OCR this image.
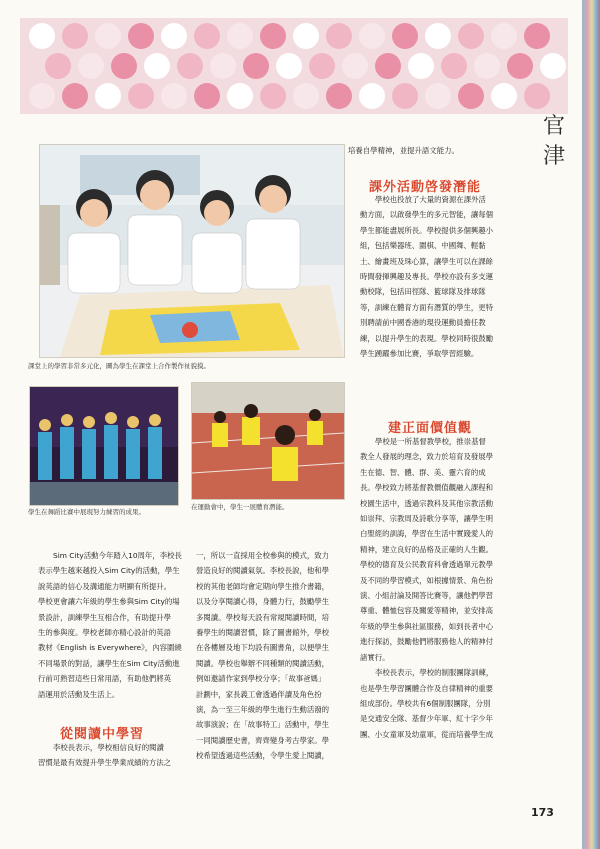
官津
課堂上的學習非常多元化，圖為學生在課堂上合作製作祉貌摸。
學生在舞蹈比賽中展現努力練習的成果。
在運動會中，學生一展體育潛能。
培養自學精神，並提升語文能力。
課外活動啓發潛能
學校也投放了大量的資源在課外活
動方面，以啟發學生的多元智能，讓每個
學生都能盡展所長。學校提供多個興趣小
組，包括樂器班、圍棋、中國舞、輕黏
土、繪畫班及珠心算，讓學生可以在課餘
時間發揮興趣及專長。學校亦設有多支運
動校隊，包括田徑隊、籃球隊及排球隊
等，訓練在體育方面有潛質的學生，更特
別聘請前中國香港的現役運動員擔任教
練，以提升學生的表現。學校同時很鼓勵
學生踴躍參加比賽，爭取學習經驗。
建正面價值觀
學校是一所基督教學校，推崇基督
教全人發展的理念，致力於培育及發展學
生在德、智、體、群、美、靈六育的成
長。學校致力將基督教價值觀融入課程和
校園生活中，透過宗教科及其他宗教活動
如崇拜、宗教周及詩歌分享等，讓學生明
白聖經的訓誨，學習在生活中實踐愛人的
精神，建立良好的品格及正確的人生觀。
學校的德育及公民教育科會透過單元教學
及不同的學習模式，如根據情景、角色扮
演、小組討論及開答比賽等，讓他們學習
尊重、體恤包容及關愛等精神，並安排高
年級的學生參與社區服務，如到長者中心
進行探訪，鼓勵他們將服務他人的精神付
諸實行。
李校長表示，學校的制服團隊訓練，
也是學生學習團體合作及自律精神的重要
組成部份。學校共有6個制服團隊，分別
是交通安全隊、基督少年軍、紅十字少年
團、小女童軍及幼童軍，從而培養學生成
Sim City活動今年踏入10周年，李校長
表示學生越來越投入Sim City的活動，學生
說英語的信心及溝通能力明顯有所提升。
學校更會讓六年級的學生參與Sim City的場
景設計，訓練學生互相合作，有助提升學
生的參與度。學校老師亦精心設計的英語
教材《English is Everywhere》，內容圍繞
不同場景的對話，讓學生在Sim City活動進
行前可熟習這些日常用語，有助他們將英
語運用於活動及生活上。
從閱讀中學習
李校長表示，學校相信良好的閱讀
習慣是最有效提升學生學業成績的方法之
一，所以一直採用全校參與的模式，致力
營造良好的閱讀氣氛。李校長說，他和學
校的其他老師均會定期向學生推介書籍，
以及分享閱讀心得，身體力行，鼓勵學生
多閱讀。學校每天設有常規閱讀時間，培
養學生的閱讀習慣，除了圖書館外，學校
在各樓層及地下均設有圖書角，以便學生
閱讀。學校也舉辦不同種類的閱讀活動，
例如邀請作家到學校分享；「故事爸媽」
計劃中，家長義工會透過伴讀及角色扮
演，為一至三年級的學生進行生動活潑的
故事演說；在「故事特工」活動中，學生
一同閱讀歷史書，齊齊變身考古學家。學
校希望透過這些活動，令學生愛上閱讀，
173
